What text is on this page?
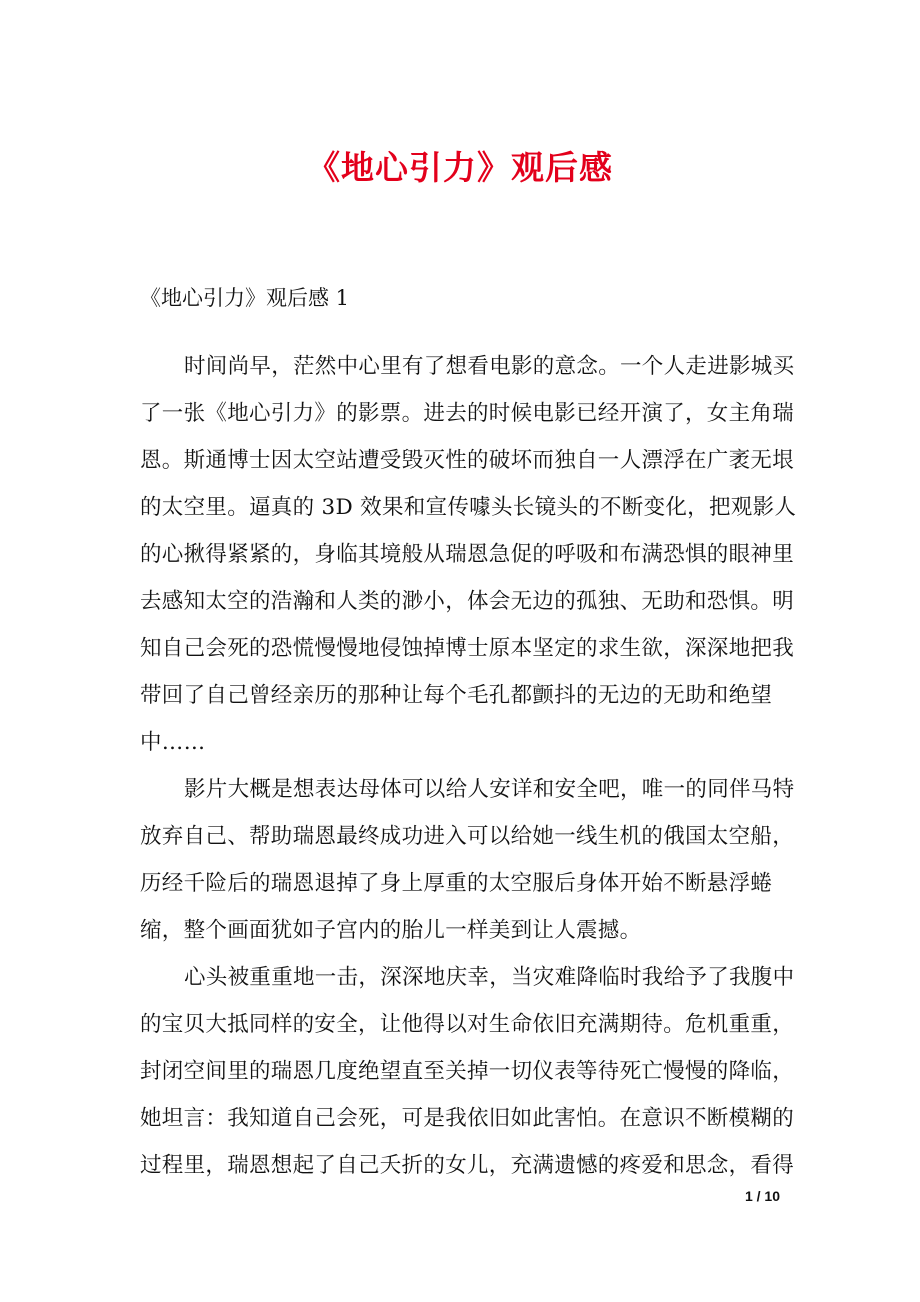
《地心引力》观后感
《地心引力》观后感 1
时间尚早，茫然中心里有了想看电影的意念。一个人走进影城买
了一张《地心引力》的影票。进去的时候电影已经开演了，女主角瑞
恩。斯通博士因太空站遭受毁灭性的破坏而独自一人漂浮在广袤无垠
的太空里。逼真的 3D 效果和宣传噱头长镜头的不断变化，把观影人
的心揪得紧紧的，身临其境般从瑞恩急促的呼吸和布满恐惧的眼神里
去感知太空的浩瀚和人类的渺小，体会无边的孤独、无助和恐惧。明
知自己会死的恐慌慢慢地侵蚀掉博士原本坚定的求生欲，深深地把我
带回了自己曾经亲历的那种让每个毛孔都颤抖的无边的无助和绝望
中……
影片大概是想表达母体可以给人安详和安全吧，唯一的同伴马特
放弃自己、帮助瑞恩最终成功进入可以给她一线生机的俄国太空船，
历经千险后的瑞恩退掉了身上厚重的太空服后身体开始不断悬浮蜷
缩，整个画面犹如子宫内的胎儿一样美到让人震撼。
心头被重重地一击，深深地庆幸，当灾难降临时我给予了我腹中
的宝贝大抵同样的安全，让他得以对生命依旧充满期待。危机重重，
封闭空间里的瑞恩几度绝望直至关掉一切仪表等待死亡慢慢的降临，
她坦言：我知道自己会死，可是我依旧如此害怕。在意识不断模糊的
过程里，瑞恩想起了自己夭折的女儿，充满遗憾的疼爱和思念，看得
1 / 10
